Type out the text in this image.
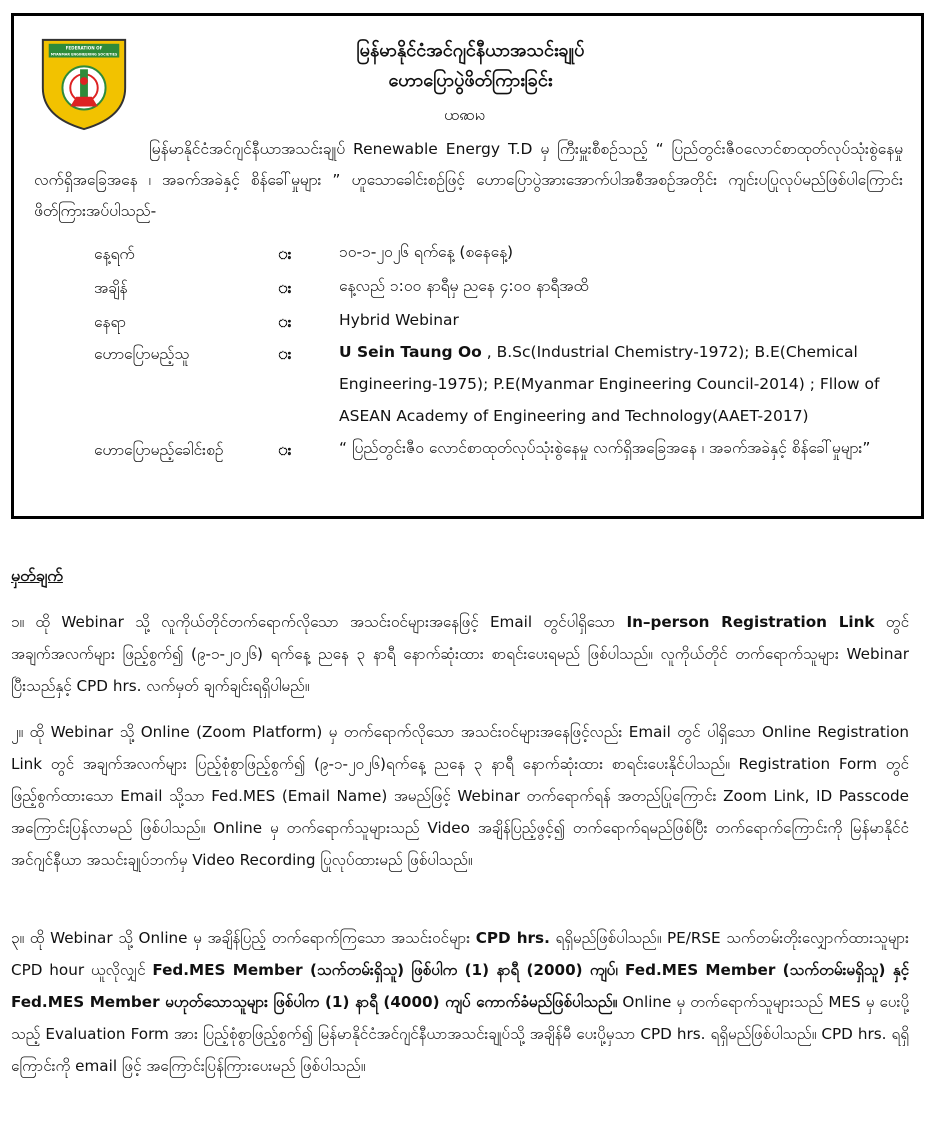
FEDERATION OF
MYANMAR ENGINEERING SOCIETIES	မြန်မာနိုင်ငံအင်ဂျင်နီယာအသင်းချုပ်
ဟောပြောပွဲဖိတ်ကြားခြင်း
ꩤꩣꩢ
မြန်မာနိုင်ငံအင်ဂျင်နီယာအသင်းချုပ် Renewable Energy T.D မှ ကြီးမှူးစီစဉ်သည့် “ ပြည်တွင်းဇီဝလောင်စာထုတ်လုပ်သုံးစွဲနေမှု လက်ရှိအခြေအနေ ၊ အခက်အခဲနှင့် စိန်ခေါ်မှုများ ” ဟူသောခေါင်းစဉ်ဖြင့် ဟောပြောပွဲအားအောက်ပါအစီအစဉ်အတိုင်း ကျင်းပပြုလုပ်မည်ဖြစ်ပါကြောင်း ဖိတ်ကြားအပ်ပါသည်-
နေ့ရက်	း	၁၀-၁-၂၀၂၆ ရက်နေ့ (စနေနေ့)
အချိန်	း	နေ့လည် ၁:၀၀ နာရီမှ ညနေ ၄:၀၀ နာရီအထိ
နေရာ	း	Hybrid Webinar
ဟောပြောမည့်သူ	း	U Sein Taung Oo , B.Sc(Industrial Chemistry-1972); B.E(Chemical Engineering-1975); P.E(Myanmar Engineering Council-2014) ; Fllow of ASEAN Academy of Engineering and Technology(AAET-2017)
ဟောပြောမည့်ခေါင်းစဉ်	း	“ ပြည်တွင်းဇီဝ လောင်စာထုတ်လုပ်သုံးစွဲနေမှု လက်ရှိအခြေအနေ ၊ အခက်အခဲနှင့် စိန်ခေါ်မှုများ”
မှတ်ချက်
၁။ ထို Webinar သို့ လူကိုယ်တိုင်တက်ရောက်လိုသော အသင်းဝင်များအနေဖြင့် Email တွင်ပါရှိသော In–person Registration Link တွင် အချက်အလက်များ ဖြည့်စွက်၍ (၉-၁-၂၀၂၆) ရက်နေ့ ညနေ ၃ နာရီ နောက်ဆုံးထား စာရင်းပေးရမည် ဖြစ်ပါသည်။ လူကိုယ်တိုင် တက်ရောက်သူများ Webinar ပြီးသည်နှင့် CPD hrs. လက်မှတ် ချက်ချင်းရရှိပါမည်။
၂။ ထို Webinar သို့ Online (Zoom Platform) မှ တက်ရောက်လိုသော အသင်းဝင်များအနေဖြင့်လည်း Email တွင် ပါရှိသော Online Registration Link တွင် အချက်အလက်များ ပြည့်စုံစွာဖြည့်စွက်၍ (၉-၁-၂၀၂၆)ရက်နေ့ ညနေ ၃ နာရီ နောက်ဆုံးထား စာရင်းပေးနိုင်ပါသည်။ Registration Form တွင် ဖြည့်စွက်ထားသော Email သို့သာ Fed.MES (Email Name) အမည်ဖြင့် Webinar တက်ရောက်ရန် အတည်ပြုကြောင်း Zoom Link, ID Passcode အကြောင်းပြန်လာမည် ဖြစ်ပါသည်။ Online မှ တက်ရောက်သူများသည် Video အချိန်ပြည့်ဖွင့်၍ တက်ရောက်ရမည်ဖြစ်ပြီး တက်ရောက်ကြောင်းကို မြန်မာနိုင်ငံအင်ဂျင်နီယာ အသင်းချုပ်ဘက်မှ Video Recording ပြုလုပ်ထားမည် ဖြစ်ပါသည်။
၃။ ထို Webinar သို့ Online မှ အချိန်ပြည့် တက်ရောက်ကြသော အသင်းဝင်များ CPD hrs. ရရှိမည်ဖြစ်ပါသည်။ PE/RSE သက်တမ်းတိုးလျှောက်ထားသူများ CPD hour ယူလိုလျှင် Fed.MES Member (သက်တမ်းရှိသူ) ဖြစ်ပါက (1) နာရီ (2000) ကျပ်၊ Fed.MES Member (သက်တမ်းမရှိသူ) နှင့် Fed.MES Member မဟုတ်သောသူများ ဖြစ်ပါက (1) နာရီ (4000) ကျပ် ကောက်ခံမည်ဖြစ်ပါသည်။ Online မှ တက်ရောက်သူများသည် MES မှ ပေးပို့သည့် Evaluation Form အား ပြည့်စုံစွာဖြည့်စွက်၍ မြန်မာနိုင်ငံအင်ဂျင်နီယာအသင်းချုပ်သို့ အချိန်မီ ပေးပို့မှသာ CPD hrs. ရရှိမည်ဖြစ်ပါသည်။ CPD hrs. ရရှိကြောင်းကို email ဖြင့် အကြောင်းပြန်ကြားပေးမည် ဖြစ်ပါသည်။
